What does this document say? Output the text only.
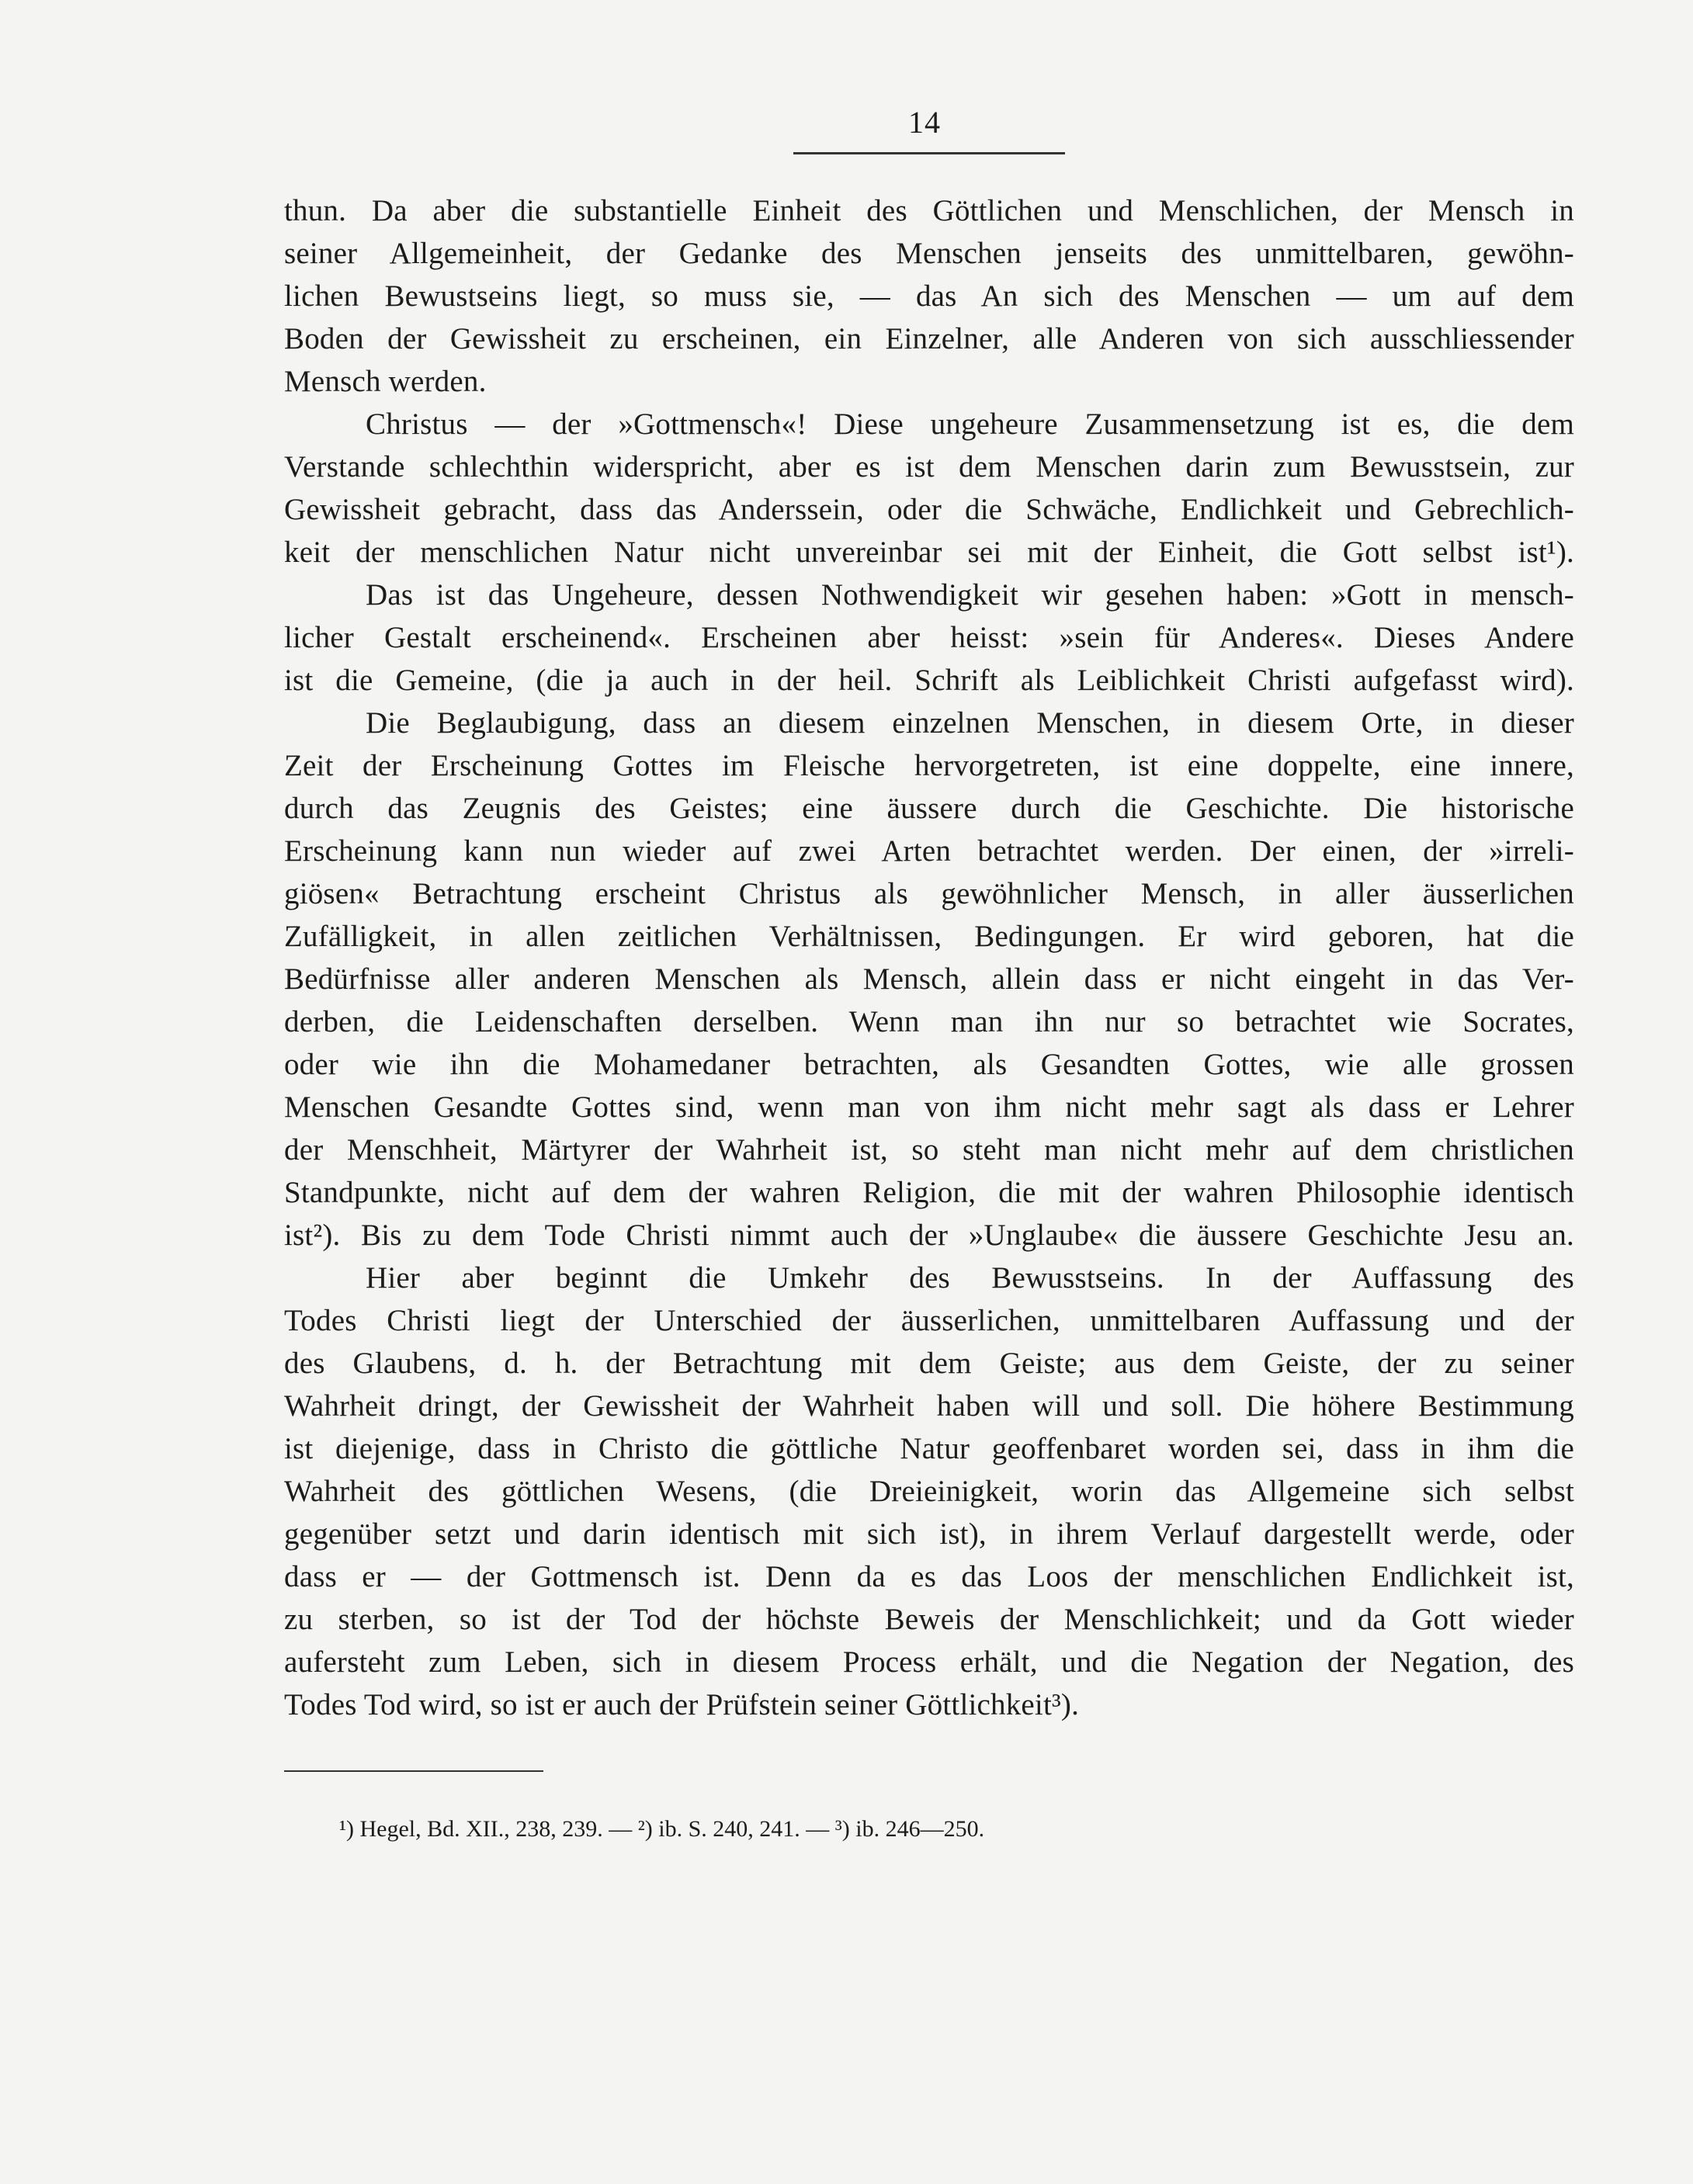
14
thun. Da aber die substantielle Einheit des Göttlichen und Menschlichen, der Mensch in
seiner Allgemeinheit, der Gedanke des Menschen jenseits des unmittelbaren, gewöhn-
lichen Bewustseins liegt, so muss sie, — das An sich des Menschen — um auf dem
Boden der Gewissheit zu erscheinen, ein Einzelner, alle Anderen von sich ausschliessender
Mensch werden.
Christus — der »Gottmensch«! Diese ungeheure Zusammensetzung ist es, die dem
Verstande schlechthin widerspricht, aber es ist dem Menschen darin zum Bewusstsein, zur
Gewissheit gebracht, dass das Anderssein, oder die Schwäche, Endlichkeit und Gebrechlich-
keit der menschlichen Natur nicht unvereinbar sei mit der Einheit, die Gott selbst ist¹).
Das ist das Ungeheure, dessen Nothwendigkeit wir gesehen haben: »Gott in mensch-
licher Gestalt erscheinend«. Erscheinen aber heisst: »sein für Anderes«. Dieses Andere
ist die Gemeine, (die ja auch in der heil. Schrift als Leiblichkeit Christi aufgefasst wird).
Die Beglaubigung, dass an diesem einzelnen Menschen, in diesem Orte, in dieser
Zeit der Erscheinung Gottes im Fleische hervorgetreten, ist eine doppelte, eine innere,
durch das Zeugnis des Geistes; eine äussere durch die Geschichte. Die historische
Erscheinung kann nun wieder auf zwei Arten betrachtet werden. Der einen, der »irreli-
giösen« Betrachtung erscheint Christus als gewöhnlicher Mensch, in aller äusserlichen
Zufälligkeit, in allen zeitlichen Verhältnissen, Bedingungen. Er wird geboren, hat die
Bedürfnisse aller anderen Menschen als Mensch, allein dass er nicht eingeht in das Ver-
derben, die Leidenschaften derselben. Wenn man ihn nur so betrachtet wie Socrates,
oder wie ihn die Mohamedaner betrachten, als Gesandten Gottes, wie alle grossen
Menschen Gesandte Gottes sind, wenn man von ihm nicht mehr sagt als dass er Lehrer
der Menschheit, Märtyrer der Wahrheit ist, so steht man nicht mehr auf dem christlichen
Standpunkte, nicht auf dem der wahren Religion, die mit der wahren Philosophie identisch
ist²). Bis zu dem Tode Christi nimmt auch der »Unglaube« die äussere Geschichte Jesu an.
Hier aber beginnt die Umkehr des Bewusstseins. In der Auffassung des
Todes Christi liegt der Unterschied der äusserlichen, unmittelbaren Auffassung und der
des Glaubens, d. h. der Betrachtung mit dem Geiste; aus dem Geiste, der zu seiner
Wahrheit dringt, der Gewissheit der Wahrheit haben will und soll. Die höhere Bestimmung
ist diejenige, dass in Christo die göttliche Natur geoffenbaret worden sei, dass in ihm die
Wahrheit des göttlichen Wesens, (die Dreieinigkeit, worin das Allgemeine sich selbst
gegenüber setzt und darin identisch mit sich ist), in ihrem Verlauf dargestellt werde, oder
dass er — der Gottmensch ist. Denn da es das Loos der menschlichen Endlichkeit ist,
zu sterben, so ist der Tod der höchste Beweis der Menschlichkeit; und da Gott wieder
aufersteht zum Leben, sich in diesem Process erhält, und die Negation der Negation, des
Todes Tod wird, so ist er auch der Prüfstein seiner Göttlichkeit³).
¹) Hegel, Bd. XII., 238, 239. — ²) ib. S. 240, 241. — ³) ib. 246—250.
